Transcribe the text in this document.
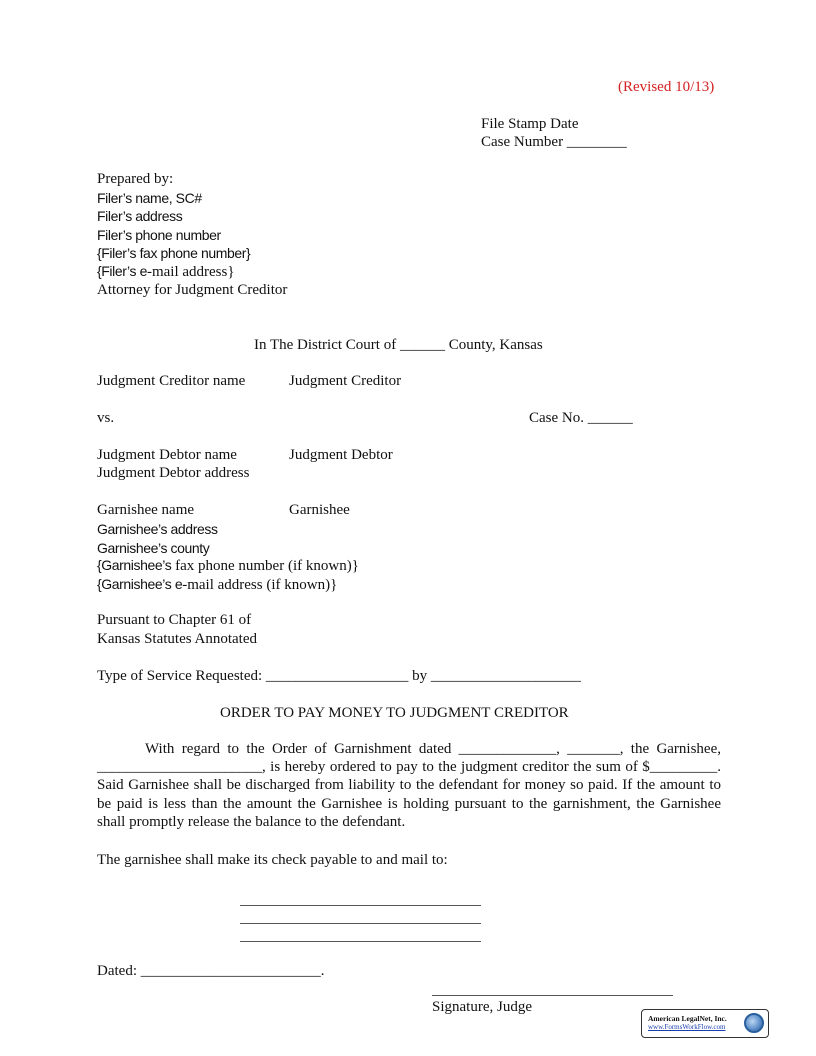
(Revised 10/13)
File Stamp Date
Case Number ________
Prepared by:
Filer’s name, SC#
Filer’s address
Filer’s phone number
{Filer’s fax phone number}
{Filer’s e-mail address}
Attorney for Judgment Creditor
In The District Court of ______ County, Kansas
Judgment Creditor name	Judgment Creditor
vs.	Case No. ______
Judgment Debtor name	Judgment Debtor
Judgment Debtor address
Garnishee name	Garnishee
Garnishee’s address
Garnishee’s county
{Garnishee’s fax phone number (if known)}
{Garnishee’s e-mail address (if known)}
Pursuant to Chapter 61 of
Kansas Statutes Annotated
Type of Service Requested: ___________________ by ____________________
ORDER TO PAY MONEY TO JUDGMENT CREDITOR
With regard to the Order of Garnishment dated _____________, _______, the Garnishee, ______________________, is hereby ordered to pay to the judgment creditor the sum of $_________. Said Garnishee shall be discharged from liability to the defendant for money so paid. If the amount to be paid is less than the amount the Garnishee is holding pursuant to the garnishment, the Garnishee shall promptly release the balance to the defendant.
The garnishee shall make its check payable to and mail to:
Dated: ________________________.
Signature, Judge
American LegalNet, Inc.
www.FormsWorkFlow.com
